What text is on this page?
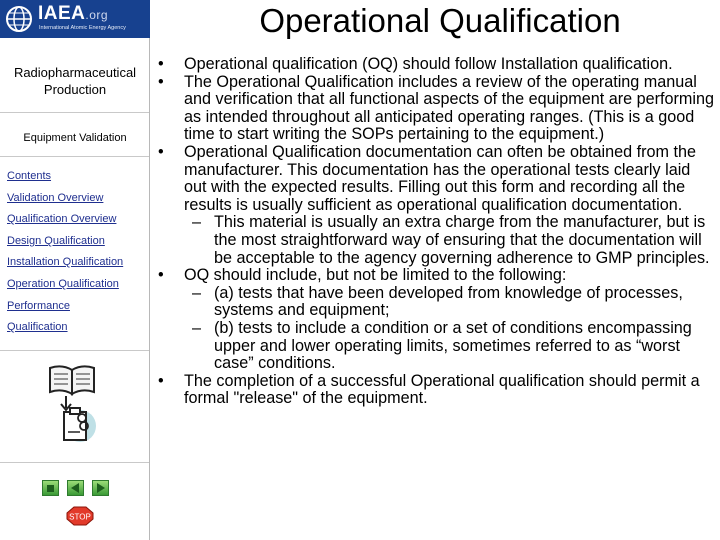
IAEA.org
International Atomic Energy Agency
Radiopharmaceutical Production
Equipment Validation
Contents
Validation Overview
Qualification Overview
Design Qualification
Installation Qualification
Operation Qualification
Performance
Qualification
STOP
Operational Qualification
• Operational qualification (OQ) should follow Installation qualification.
• The Operational Qualification includes a review of the operating manual and verification that all functional aspects of the equipment are performing as intended throughout all anticipated operating ranges. (This is a good time to start writing the SOPs pertaining to the equipment.)
• Operational Qualification documentation can often be obtained from the manufacturer. This documentation has the operational tests clearly laid out with the expected results. Filling out this form and recording all the results is usually sufficient as operational qualification documentation.
– This material is usually an extra charge from the manufacturer, but is the most straightforward way of ensuring that the documentation will be acceptable to the agency governing adherence to GMP principles.
• OQ should include, but not be limited to the following:
– (a) tests that have been developed from knowledge of processes, systems and equipment;
– (b) tests to include a condition or a set of conditions encompassing upper and lower operating limits, sometimes referred to as “worst case” conditions.
• The completion of a successful Operational qualification should permit a formal "release" of the equipment.
